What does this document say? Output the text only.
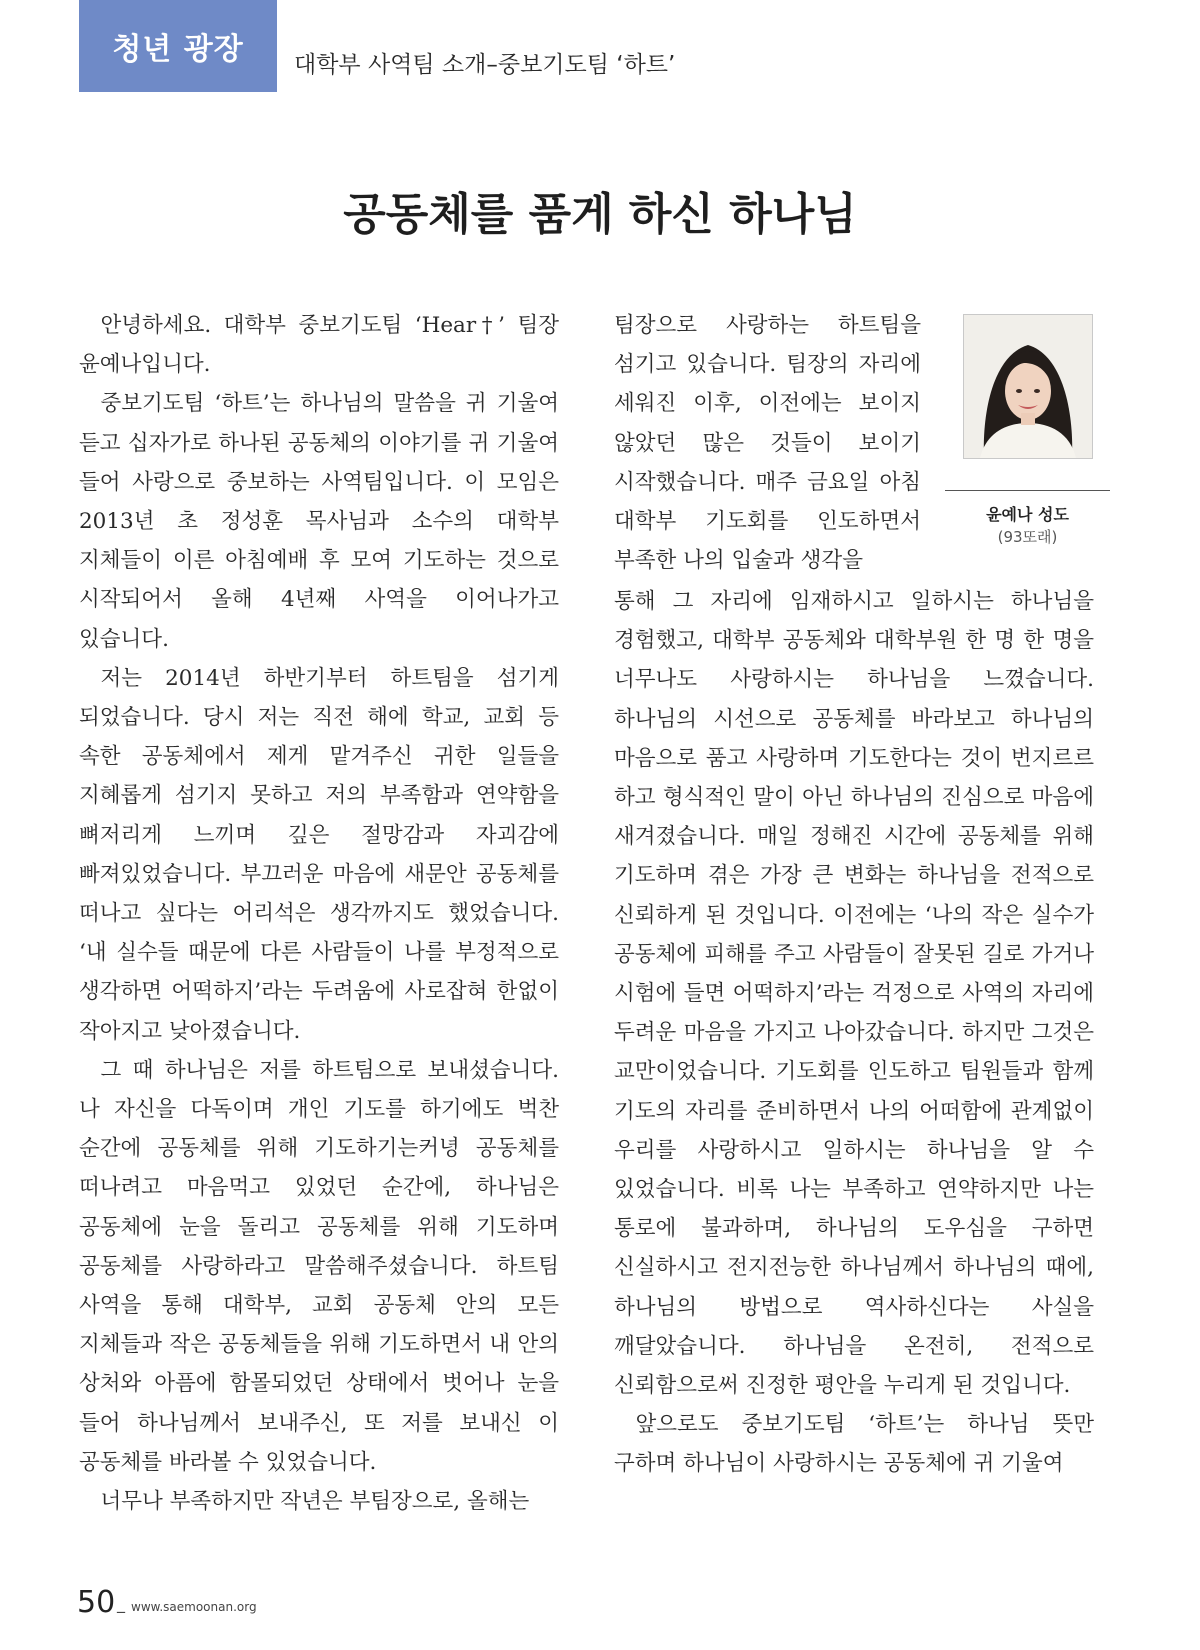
청년 광장	대학부 사역팀 소개–중보기도팀 ‘하트’
공동체를 품게 하신 하나님

안녕하세요. 대학부 중보기도팀 ‘Hear†’ 팀장 윤예나입니다.

중보기도팀 ‘하트’는 하나님의 말씀을 귀 기울여 듣고 십자가로 하나된 공동체의 이야기를 귀 기울여 들어 사랑으로 중보하는 사역팀입니다. 이 모임은 2013년 초 정성훈 목사님과 소수의 대학부 지체들이 이른 아침예배 후 모여 기도하는 것으로 시작되어서 올해 4년째 사역을 이어나가고 있습니다.

저는 2014년 하반기부터 하트팀을 섬기게 되었습니다. 당시 저는 직전 해에 학교, 교회 등 속한 공동체에서 제게 맡겨주신 귀한 일들을 지혜롭게 섬기지 못하고 저의 부족함과 연약함을 뼈저리게 느끼며 깊은 절망감과 자괴감에 빠져있었습니다. 부끄러운 마음에 새문안 공동체를 떠나고 싶다는 어리석은 생각까지도 했었습니다. ‘내 실수들 때문에 다른 사람들이 나를 부정적으로 생각하면 어떡하지’라는 두려움에 사로잡혀 한없이 작아지고 낮아졌습니다.

그 때 하나님은 저를 하트팀으로 보내셨습니다. 나 자신을 다독이며 개인 기도를 하기에도 벅찬 순간에 공동체를 위해 기도하기는커녕 공동체를 떠나려고 마음먹고 있었던 순간에, 하나님은 공동체에 눈을 돌리고 공동체를 위해 기도하며 공동체를 사랑하라고 말씀해주셨습니다. 하트팀 사역을 통해 대학부, 교회 공동체 안의 모든 지체들과 작은 공동체들을 위해 기도하면서 내 안의 상처와 아픔에 함몰되었던 상태에서 벗어나 눈을 들어 하나님께서 보내주신, 또 저를 보내신 이 공동체를 바라볼 수 있었습니다.

너무나 부족하지만 작년은 부팀장으로, 올해는

팀장으로 사랑하는 하트팀을 섬기고 있습니다. 팀장의 자리에 세워진 이후, 이전에는 보이지 않았던 많은 것들이 보이기 시작했습니다. 매주 금요일 아침 대학부 기도회를 인도하면서 부족한 나의 입술과 생각을

통해 그 자리에 임재하시고 일하시는 하나님을 경험했고, 대학부 공동체와 대학부원 한 명 한 명을 너무나도 사랑하시는 하나님을 느꼈습니다. 하나님의 시선으로 공동체를 바라보고 하나님의 마음으로 품고 사랑하며 기도한다는 것이 번지르르 하고 형식적인 말이 아닌 하나님의 진심으로 마음에 새겨졌습니다. 매일 정해진 시간에 공동체를 위해 기도하며 겪은 가장 큰 변화는 하나님을 전적으로 신뢰하게 된 것입니다. 이전에는 ‘나의 작은 실수가 공동체에 피해를 주고 사람들이 잘못된 길로 가거나 시험에 들면 어떡하지’라는 걱정으로 사역의 자리에 두려운 마음을 가지고 나아갔습니다. 하지만 그것은 교만이었습니다. 기도회를 인도하고 팀원들과 함께 기도의 자리를 준비하면서 나의 어떠함에 관계없이 우리를 사랑하시고 일하시는 하나님을 알 수 있었습니다. 비록 나는 부족하고 연약하지만 나는 통로에 불과하며, 하나님의 도우심을 구하면 신실하시고 전지전능한 하나님께서 하나님의 때에, 하나님의 방법으로 역사하신다는 사실을 깨달았습니다. 하나님을 온전히, 전적으로 신뢰함으로써 진정한 평안을 누리게 된 것입니다.

앞으로도 중보기도팀 ‘하트’는 하나님 뜻만 구하며 하나님이 사랑하시는 공동체에 귀 기울여

윤예나 성도
(93또래)
50 _ www.saemoonan.org
